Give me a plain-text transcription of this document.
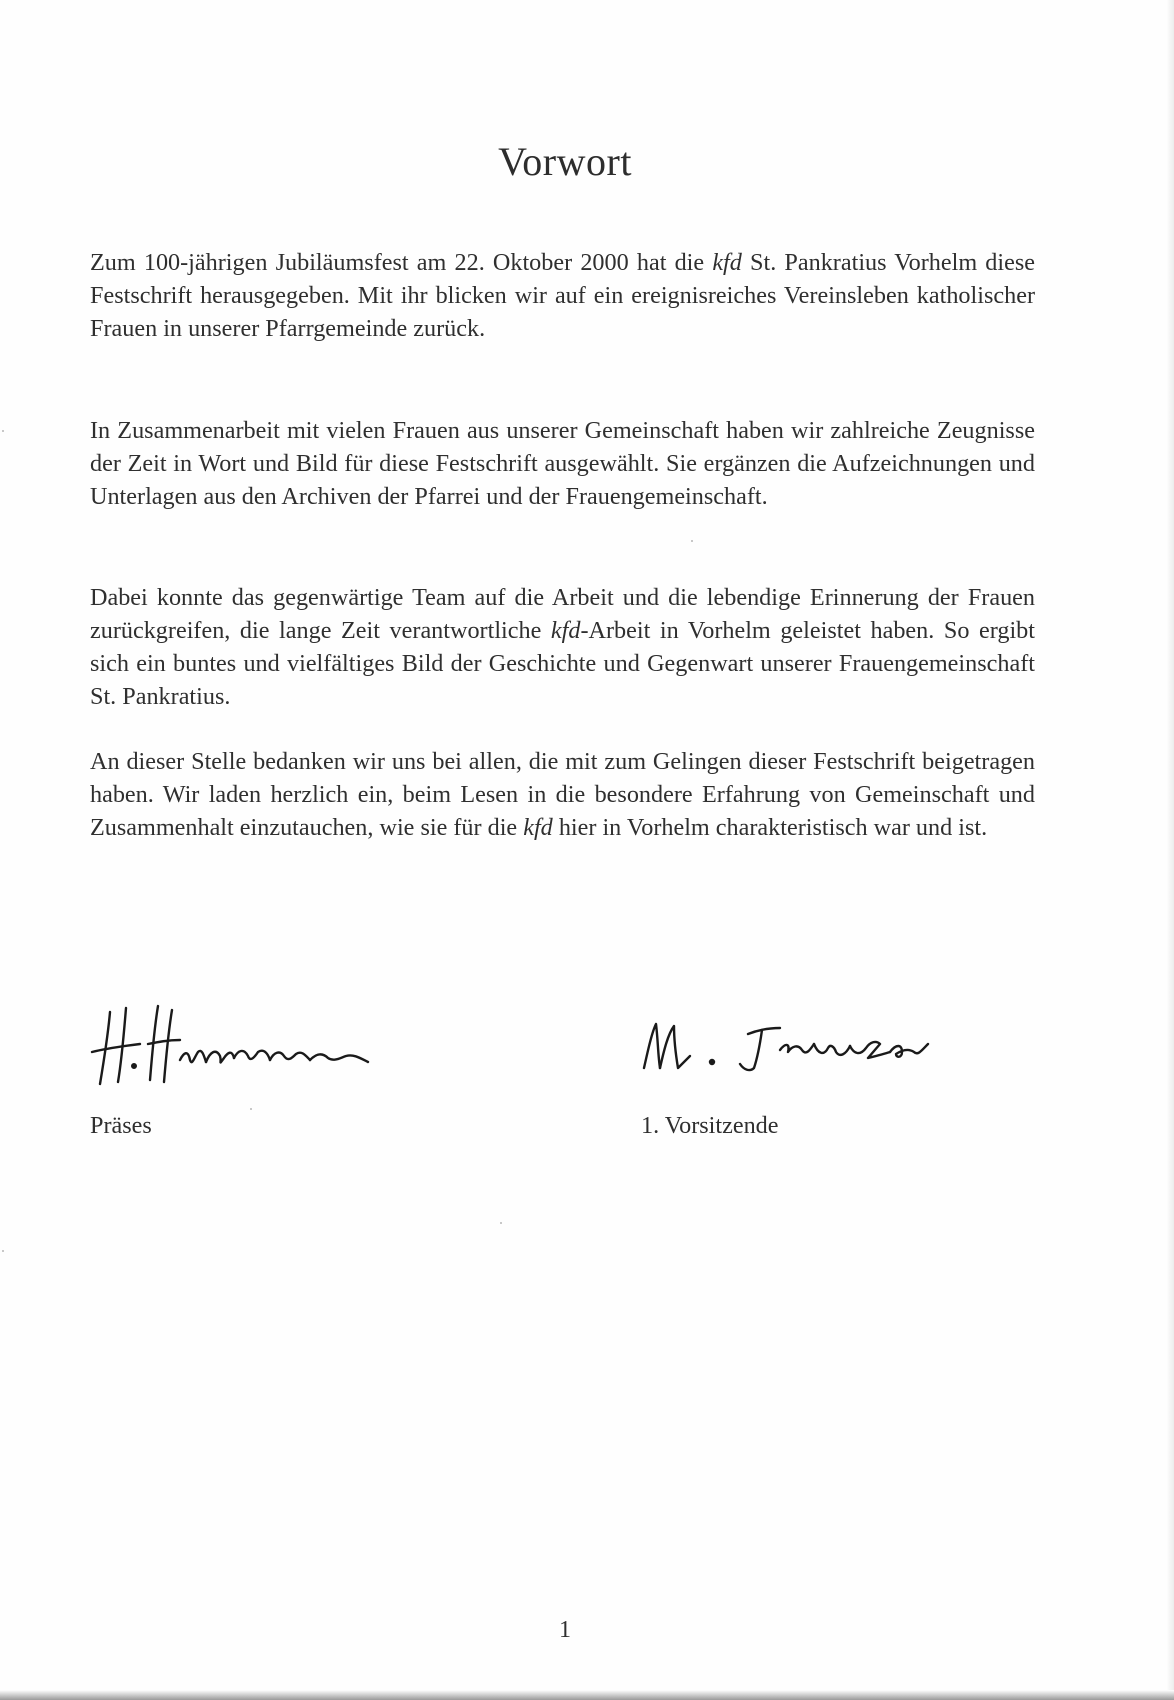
Vorwort

Zum 100-jährigen Jubiläumsfest am 22. Oktober 2000 hat die kfd St. Pankratius Vorhelm diese Festschrift herausgegeben. Mit ihr blicken wir auf ein ereignisreiches Vereinsleben katholischer Frauen in unserer Pfarrgemeinde zurück.

In Zusammenarbeit mit vielen Frauen aus unserer Gemeinschaft haben wir zahlreiche Zeugnisse der Zeit in Wort und Bild für diese Festschrift ausgewählt. Sie ergänzen die Aufzeichnungen und Unterlagen aus den Archiven der Pfarrei und der Frauengemeinschaft.

Dabei konnte das gegenwärtige Team auf die Arbeit und die lebendige Erinnerung der Frauen zurückgreifen, die lange Zeit verantwortliche kfd-Arbeit in Vorhelm geleistet haben. So ergibt sich ein buntes und vielfältiges Bild der Geschichte und Gegenwart unserer Frauengemeinschaft St. Pankratius.

An dieser Stelle bedanken wir uns bei allen, die mit zum Gelingen dieser Festschrift beigetragen haben. Wir laden herzlich ein, beim Lesen in die besondere Erfahrung von Gemeinschaft und Zusammenhalt einzutauchen, wie sie für die kfd hier in Vorhelm charakteristisch war und ist.

Präses	1. Vorsitzende

1
